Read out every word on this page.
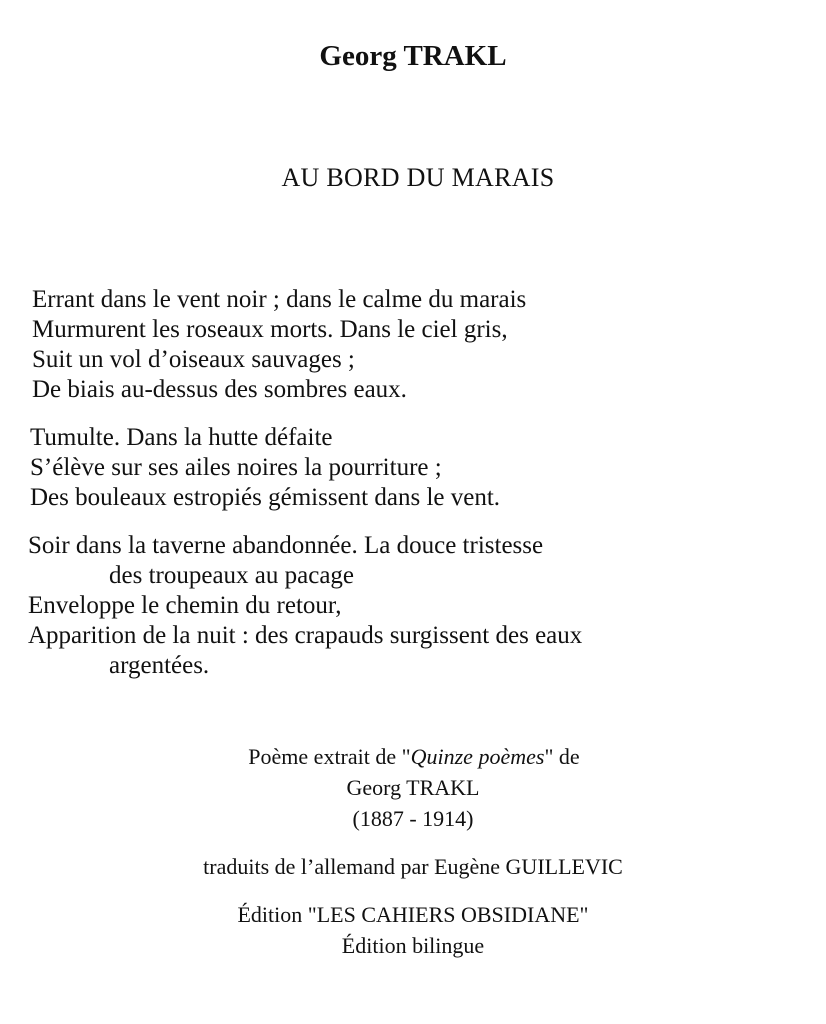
Georg TRAKL
AU BORD DU MARAIS
Errant dans le vent noir ; dans le calme du marais
Murmurent les roseaux morts. Dans le ciel gris,
Suit un vol d’oiseaux sauvages ;
De biais au-dessus des sombres eaux.
Tumulte. Dans la hutte défaite
S’élève sur ses ailes noires la pourriture ;
Des bouleaux estropiés gémissent dans le vent.
Soir dans la taverne abandonnée. La douce tristesse
des troupeaux au pacage
Enveloppe le chemin du retour,
Apparition de la nuit : des crapauds surgissent des eaux
argentées.
Poème extrait de "Quinze poèmes" de
Georg TRAKL
(1887 - 1914)
traduits de l’allemand par Eugène GUILLEVIC
Édition "LES CAHIERS OBSIDIANE"
Édition bilingue
